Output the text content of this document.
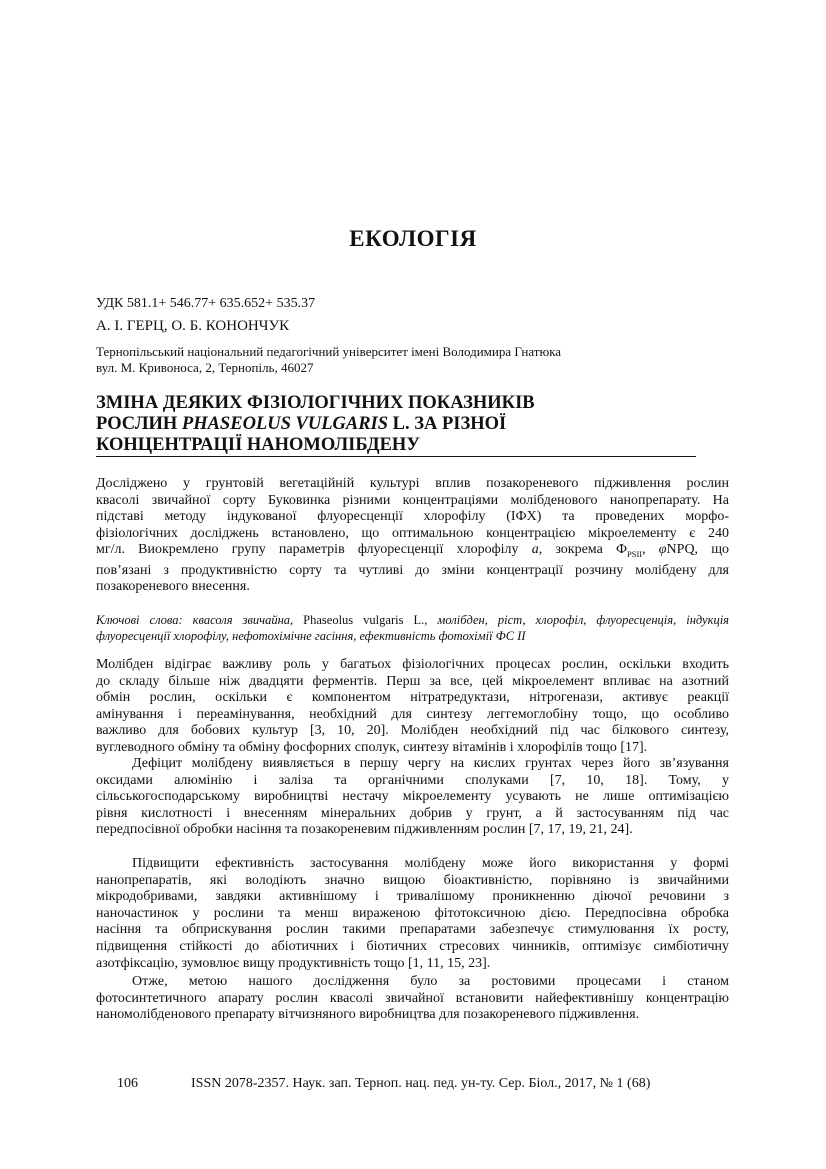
ЕКОЛОГІЯ
УДК 581.1+ 546.77+ 635.652+ 535.37
А. І. ГЕРЦ, О. Б. КОНОНЧУК
Тернопільський національний педагогічний університет імені Володимира Гнатюка
вул. М. Кривоноса, 2, Тернопіль, 46027
ЗМІНА ДЕЯКИХ ФІЗІОЛОГІЧНИХ ПОКАЗНИКІВ
РОСЛИН PHASEOLUS VULGARIS L. ЗА РІЗНОЇ
КОНЦЕНТРАЦІЇ НАНОМОЛІБДЕНУ
Досліджено у грунтовій вегетаційній культурі вплив позакореневого підживлення рослин
квасолі звичайної сорту Буковинка різними концентраціями молібденового нанопрепарату. На
підставі методу індукованої флуоресценції хлорофілу (ІФХ) та проведених морфо-
фізіологічних досліджень встановлено, що оптимальною концентрацією мікроелементу є 240
мг/л. Виокремлено групу параметрів флуоресценції хлорофілу a, зокрема $Ф_{PSII}$, φNPQ, що
пов’язані з продуктивністю сорту та чутливі до зміни концентрації розчину молібдену для
позакореневого внесення.
Ключові слова: квасоля звичайна, Phaseolus vulgaris L., молібден, ріст, хлорофіл, флуоресценція, індукція
флуоресценції хлорофілу, нефотохімічне гасіння, ефективність фотохімії ФС ІІ
Молібден відіграє важливу роль у багатьох фізіологічних процесах рослин, оскільки входить
до складу більше ніж двадцяти ферментів. Перш за все, цей мікроелемент впливає на азотний
обмін рослин, оскільки є компонентом нітратредуктази, нітрогенази, активує реакції
амінування і переамінування, необхідний для синтезу леггемоглобіну тощо, що особливо
важливо для бобових культур [3, 10, 20]. Молібден необхідний під час білкового синтезу,
вуглеводного обміну та обміну фосфорних сполук, синтезу вітамінів і хлорофілів тощо [17].
Дефіцит молібдену виявляється в першу чергу на кислих грунтах через його зв’язування
оксидами алюмінію і заліза та органічними сполуками [7, 10, 18]. Тому, у
сільськогосподарському виробництві нестачу мікроелементу усувають не лише оптимізацією
рівня кислотності і внесенням мінеральних добрив у грунт, а й застосуванням під час
передпосівної обробки насіння та позакореневим підживленням рослин [7, 17, 19, 21, 24].
Підвищити ефективність застосування молібдену може його використання у формі
нанопрепаратів, які володіють значно вищою біоактивністю, порівняно із звичайними
мікродобривами, завдяки активнішому і тривалішому проникненню діючої речовини з
наночастинок у рослини та менш вираженою фітотоксичною дією. Передпосівна обробка
насіння та обприскування рослин такими препаратами забезпечує стимулювання їх росту,
підвищення стійкості до абіотичних і біотичних стресових чинників, оптимізує симбіотичну
азотфіксацію, зумовлює вищу продуктивність тощо [1, 11, 15, 23].
Отже, метою нашого дослідження було за ростовими процесами і станом
фотосинтетичного апарату рослин квасолі звичайної встановити найефективнішу концентрацію
наномолібденового препарату вітчизняного виробництва для позакореневого підживлення.
106	ISSN 2078-2357. Наук. зап. Терноп. нац. пед. ун-ту. Сер. Біол., 2017, № 1 (68)
